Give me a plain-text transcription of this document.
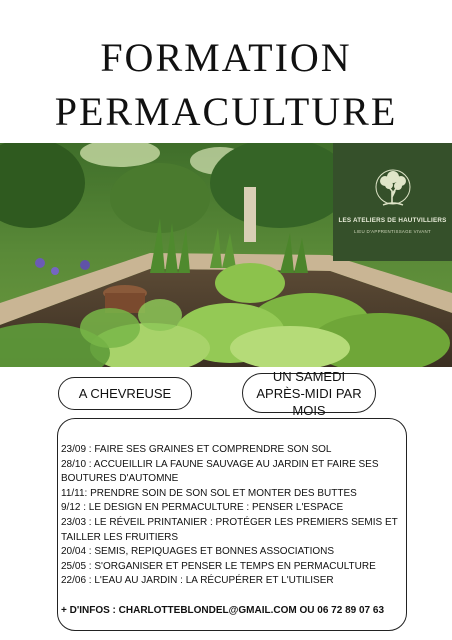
FORMATION
PERMACULTURE
LES ATELIERS DE HAUTVILLIERS
LIEU D'APPRENTISSAGE VIVANT
A CHEVREUSE
UN SAMEDI APRÈS-MIDI PAR MOIS
23/09 : FAIRE SES GRAINES ET COMPRENDRE SON SOL
28/10 : ACCUEILLIR LA FAUNE SAUVAGE AU JARDIN ET FAIRE SES BOUTURES D'AUTOMNE
11/11: PRENDRE SOIN DE SON SOL ET MONTER DES BUTTES
9/12 : LE DESIGN EN PERMACULTURE : PENSER L'ESPACE
23/03 : LE RÉVEIL PRINTANIER : PROTÉGER LES PREMIERS SEMIS ET TAILLER LES FRUITIERS
20/04 : SEMIS, REPIQUAGES ET BONNES ASSOCIATIONS
25/05 : S'ORGANISER ET PENSER LE TEMPS EN PERMACULTURE
22/06 : L'EAU AU JARDIN : LA RÉCUPÉRER ET L'UTILISER
+ D'INFOS : CHARLOTTEBLONDEL@GMAIL.COM OU 06 72 89 07 63
